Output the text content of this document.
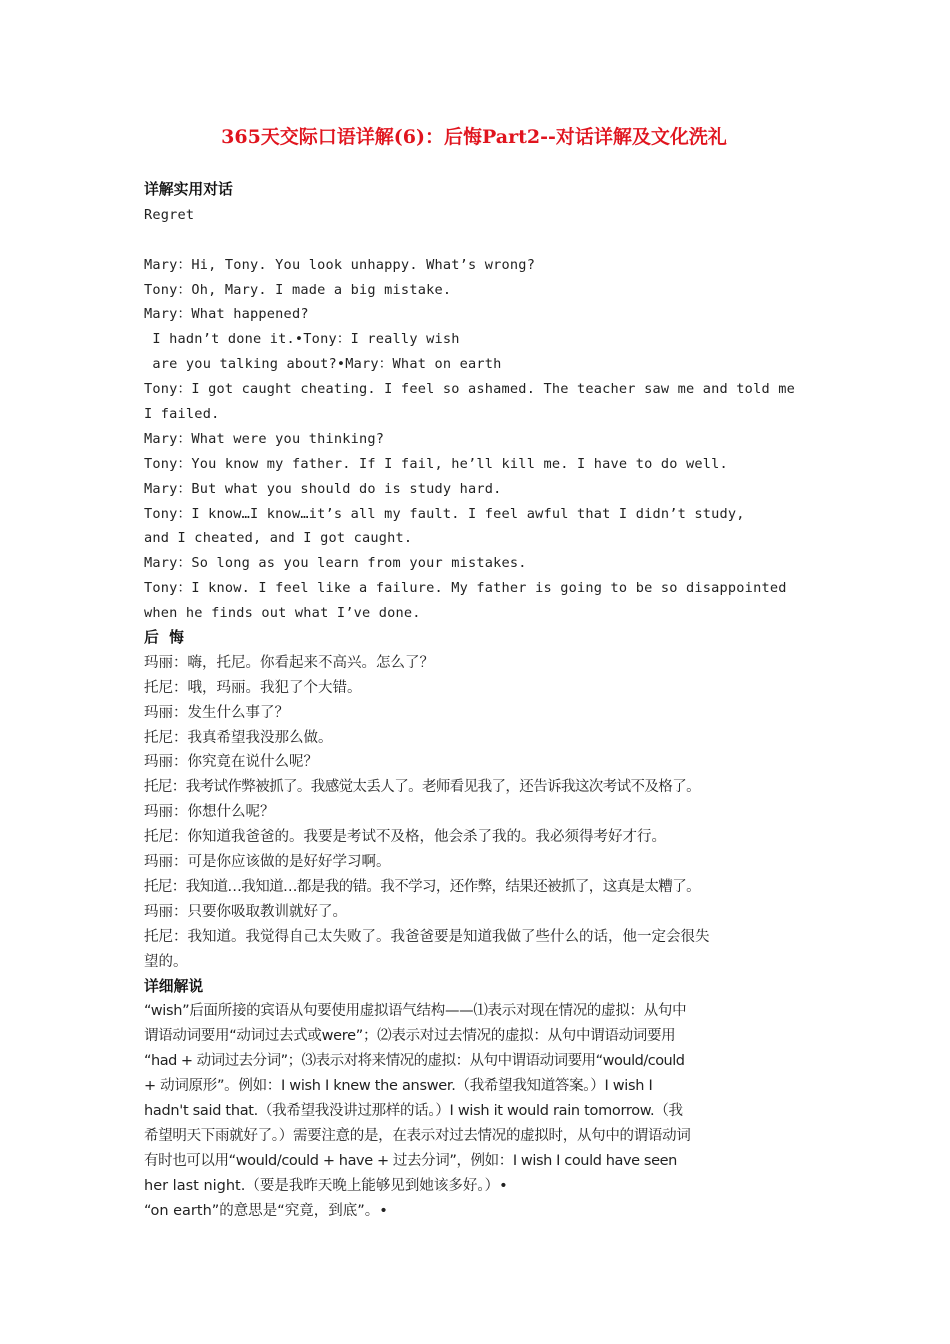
365天交际口语详解(6)：后悔Part2--对话详解及文化洗礼
详解实用对话
Regret
Mary：Hi, Tony. You look unhappy. What’s wrong?
Tony：Oh, Mary. I made a big mistake.
Mary：What happened?
I hadn’t done it.•Tony：I really wish
are you talking about?•Mary：What on earth
Tony：I got caught cheating. I feel so ashamed. The teacher saw me and told me
I failed.
Mary：What were you thinking?
Tony：You know my father. If I fail, he’ll kill me. I have to do well.
Mary：But what you should do is study hard.
Tony：I know…I know…it’s all my fault. I feel awful that I didn’t study,
and I cheated, and I got caught.
Mary：So long as you learn from your mistakes.
Tony：I know. I feel like a failure. My father is going to be so disappointed
when he finds out what I’ve done.
后  悔
玛丽：嗨，托尼。你看起来不高兴。怎么了？
托尼：哦，玛丽。我犯了个大错。
玛丽：发生什么事了？
托尼：我真希望我没那么做。
玛丽：你究竟在说什么呢？
托尼：我考试作弊被抓了。我感觉太丢人了。老师看见我了，还告诉我这次考试不及格了。
玛丽：你想什么呢？
托尼：你知道我爸爸的。我要是考试不及格，他会杀了我的。我必须得考好才行。
玛丽：可是你应该做的是好好学习啊。
托尼：我知道…我知道…都是我的错。我不学习，还作弊，结果还被抓了，这真是太糟了。
玛丽：只要你吸取教训就好了。
托尼：我知道。我觉得自己太失败了。我爸爸要是知道我做了些什么的话，他一定会很失
望的。
详细解说
“wish”后面所接的宾语从句要使用虚拟语气结构——⑴表示对现在情况的虚拟：从句中
谓语动词要用“动词过去式或were”；⑵表示对过去情况的虚拟：从句中谓语动词要用
“had + 动词过去分词”；⑶表示对将来情况的虚拟：从句中谓语动词要用“would/could
+ 动词原形”。例如：I wish I knew the answer.（我希望我知道答案。）I wish I
hadn't said that.（我希望我没讲过那样的话。）I wish it would rain tomorrow.（我
希望明天下雨就好了。）需要注意的是，在表示对过去情况的虚拟时，从句中的谓语动词
有时也可以用“would/could + have + 过去分词”，例如：I wish I could have seen
her last night.（要是我昨天晚上能够见到她该多好。）•
“on earth”的意思是“究竟，到底”。•
